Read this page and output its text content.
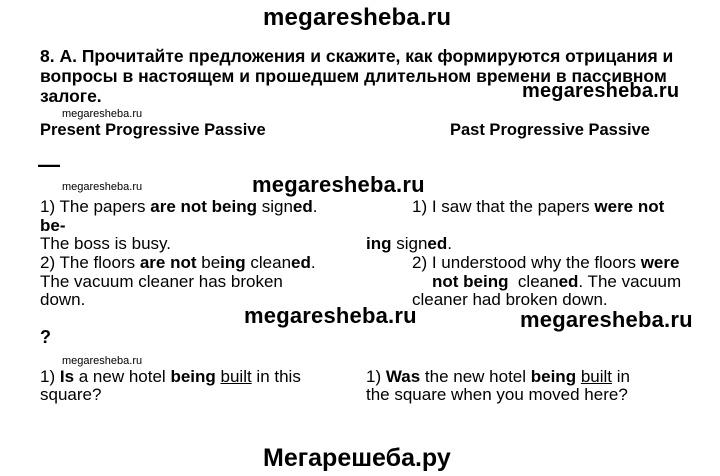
megaresheba.ru
8. А. Прочитайте предложения и скажите, как формируются отрицания и вопросы в настоящем и прошедшем длительном времени в пассивном залоге.	megaresheba.ru
megaresheba.ru
Present Progressive Passive	Past Progressive Passive
—
megaresheba.ru	megaresheba.ru
1) The papers are not being signed.
be-
The boss is busy.
2) The floors are not being cleaned.
The vacuum cleaner has broken
down.
1) I saw that the papers were not
ing signed.
2) I understood why the floors were
not being  cleaned. The vacuum
cleaner had broken down.
megaresheba.ru	megaresheba.ru
?
megaresheba.ru
1) Is a new hotel being built in this
square?
1) Was the new hotel being built in
the square when you moved here?
Мегарешеба.ру
